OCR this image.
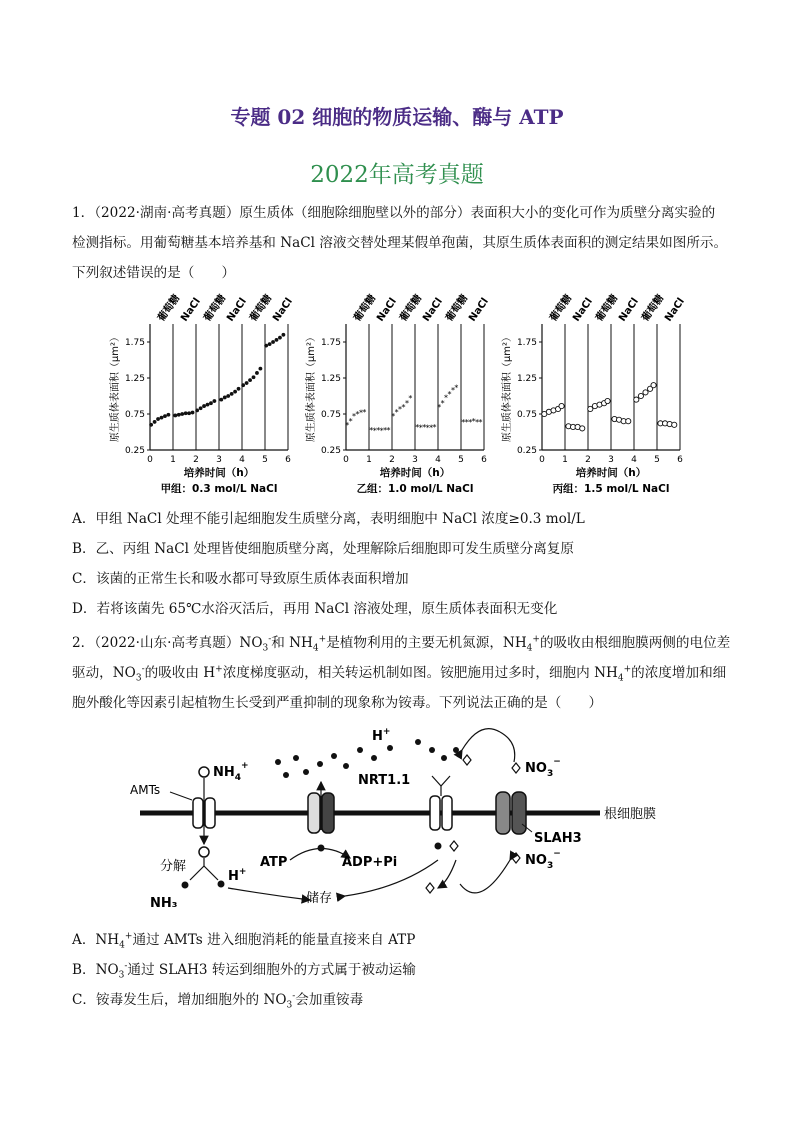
专题 02 细胞的物质运输、酶与 ATP
2022年高考真题
1．（2022·湖南·高考真题）原生质体（细胞除细胞壁以外的部分）表面积大小的变化可作为质壁分离实验的
检测指标。用葡萄糖基本培养基和 NaCl 溶液交替处理某假单孢菌，其原生质体表面积的测定结果如图所示。
下列叙述错误的是（　　）
0.25
0.75
1.25
1.75
0 1 2 3 4 5 6
葡萄糖
NaCl 葡萄糖
NaCl 葡萄糖
NaCl
原生质体表面积（μm²）
培养时间（h）
甲组：0.3 mol/L NaCl
0.25
0.75
1.25
1.75
0 1 2 3 4 5 6
葡萄糖
NaCl 葡萄糖
NaCl 葡萄糖
NaCl
原生质体表面积（μm²）
培养时间（h）
乙组：1.0 mol/L NaCl
* *
* * * *
* * * * * *
* * * * *
*
* * * * * *
* *
* * * *
* * * * * *
0.25
0.75
1.25
1.75
0 1 2 3 4 5 6
葡萄糖
NaCl 葡萄糖
NaCl 葡萄糖
NaCl
原生质体表面积（μm²）
培养时间（h）
丙组：1.5 mol/L NaCl
A．甲组 NaCl 处理不能引起细胞发生质壁分离，表明细胞中 NaCl 浓度≥0.3 mol/L
B．乙、丙组 NaCl 处理皆使细胞质壁分离，处理解除后细胞即可发生质壁分离复原
C．该菌的正常生长和吸水都可导致原生质体表面积增加
D．若将该菌先 65℃水浴灭活后，再用 NaCl 溶液处理，原生质体表面积无变化
2．（2022·山东·高考真题）$NO_3^-$和 $NH_4^+$是植物利用的主要无机氮源，$NH_4^+$的吸收由根细胞膜两侧的电位差
驱动，$NO_3^-$的吸收由 H+浓度梯度驱动，相关转运机制如图。铵肥施用过多时，细胞内 $NH_4^+$的浓度增加和细
胞外酸化等因素引起植物生长受到严重抑制的现象称为铵毒。下列说法正确的是（　　）
根细胞膜
AMTs
$NH_4^+$
分解
NH₃
H+
ATP	ADP+Pi
储存
H+
NRT1.1
$NO_3^-$
$NO_3^-$
SLAH3
A．$NH_4^+$通过 AMTs 进入细胞消耗的能量直接来自 ATP
B．$NO_3^-$通过 SLAH3 转运到细胞外的方式属于被动运输
C．铵毒发生后，增加细胞外的 $NO_3^-$会加重铵毒
